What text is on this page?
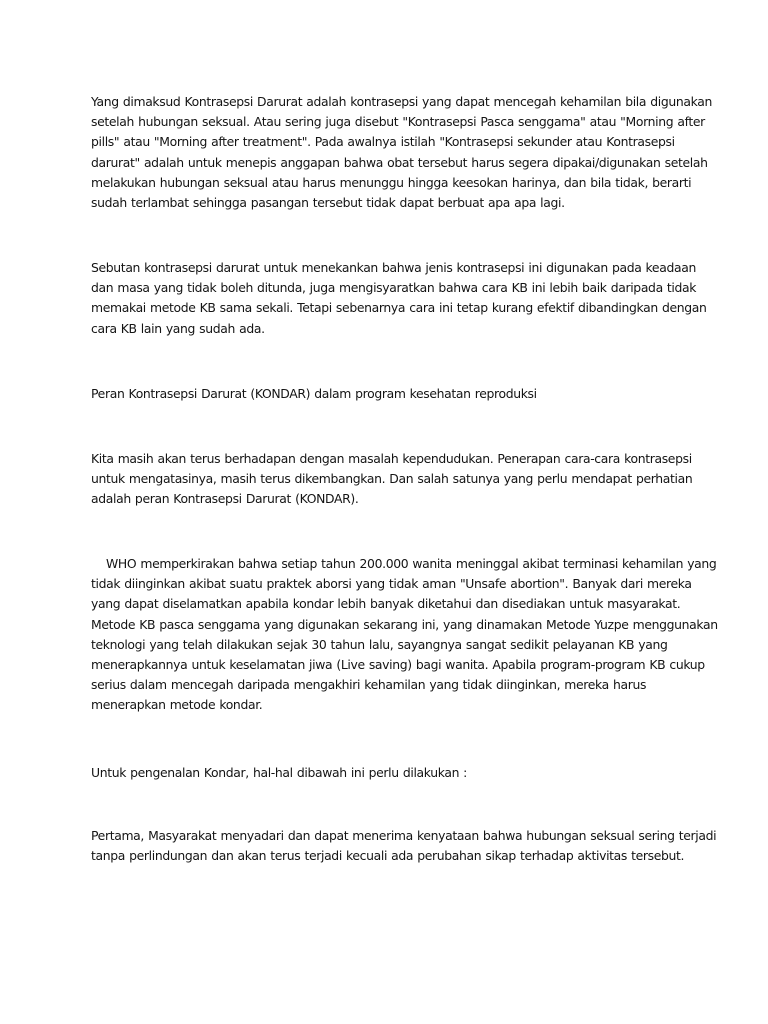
Yang dimaksud Kontrasepsi Darurat adalah kontrasepsi yang dapat mencegah kehamilan bila digunakan
setelah hubungan seksual. Atau sering juga disebut "Kontrasepsi Pasca senggama" atau "Morning after
pills" atau "Morning after treatment". Pada awalnya istilah "Kontrasepsi sekunder atau Kontrasepsi
darurat" adalah untuk menepis anggapan bahwa obat tersebut harus segera dipakai/digunakan setelah
melakukan hubungan seksual atau harus menunggu hingga keesokan harinya, dan bila tidak, berarti
sudah terlambat sehingga pasangan tersebut tidak dapat berbuat apa apa lagi.

Sebutan kontrasepsi darurat untuk menekankan bahwa jenis kontrasepsi ini digunakan pada keadaan
dan masa yang tidak boleh ditunda, juga mengisyaratkan bahwa cara KB ini lebih baik daripada tidak
memakai metode KB sama sekali. Tetapi sebenarnya cara ini tetap kurang efektif dibandingkan dengan
cara KB lain yang sudah ada.

Peran Kontrasepsi Darurat (KONDAR) dalam program kesehatan reproduksi

Kita masih akan terus berhadapan dengan masalah kependudukan. Penerapan cara-cara kontrasepsi
untuk mengatasinya, masih terus dikembangkan. Dan salah satunya yang perlu mendapat perhatian
adalah peran Kontrasepsi Darurat (KONDAR).

WHO memperkirakan bahwa setiap tahun 200.000 wanita meninggal akibat terminasi kehamilan yang
tidak diinginkan akibat suatu praktek aborsi yang tidak aman "Unsafe abortion". Banyak dari mereka
yang dapat diselamatkan apabila kondar lebih banyak diketahui dan disediakan untuk masyarakat.
Metode KB pasca senggama yang digunakan sekarang ini, yang dinamakan Metode Yuzpe menggunakan
teknologi yang telah dilakukan sejak 30 tahun lalu, sayangnya sangat sedikit pelayanan KB yang
menerapkannya untuk keselamatan jiwa (Live saving) bagi wanita. Apabila program-program KB cukup
serius dalam mencegah daripada mengakhiri kehamilan yang tidak diinginkan, mereka harus
menerapkan metode kondar.

Untuk pengenalan Kondar, hal-hal dibawah ini perlu dilakukan :

Pertama, Masyarakat menyadari dan dapat menerima kenyataan bahwa hubungan seksual sering terjadi
tanpa perlindungan dan akan terus terjadi kecuali ada perubahan sikap terhadap aktivitas tersebut.
